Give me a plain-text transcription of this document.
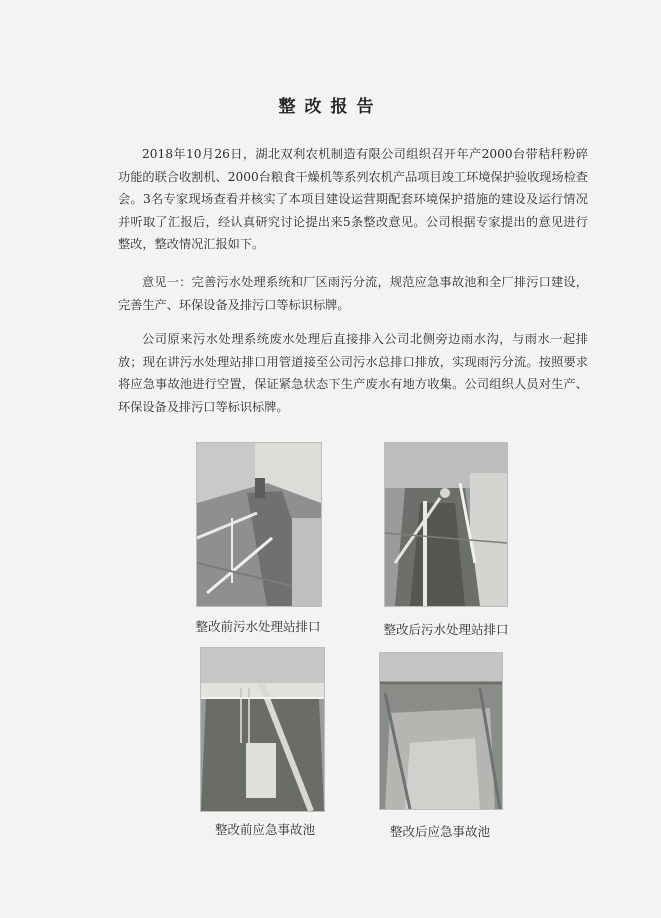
整改报告

2018年10月26日，湖北双利农机制造有限公司组织召开年产2000台带秸秆粉碎功能的联合收割机、2000台粮食干燥机等系列农机产品项目竣工环境保护验收现场检查会。3名专家现场查看并核实了本项目建设运营期配套环境保护措施的建设及运行情况并听取了汇报后，经认真研究讨论提出来5条整改意见。公司根据专家提出的意见进行整改，整改情况汇报如下。

意见一：完善污水处理系统和厂区雨污分流，规范应急事故池和全厂排污口建设，完善生产、环保设备及排污口等标识标牌。

公司原来污水处理系统废水处理后直接排入公司北侧旁边雨水沟，与雨水一起排放；现在讲污水处理站排口用管道接至公司污水总排口排放，实现雨污分流。按照要求将应急事故池进行空置，保证紧急状态下生产废水有地方收集。公司组织人员对生产、环保设备及排污口等标识标牌。

整改前污水处理站排口	整改后污水处理站排口
整改前应急事故池	整改后应急事故池
